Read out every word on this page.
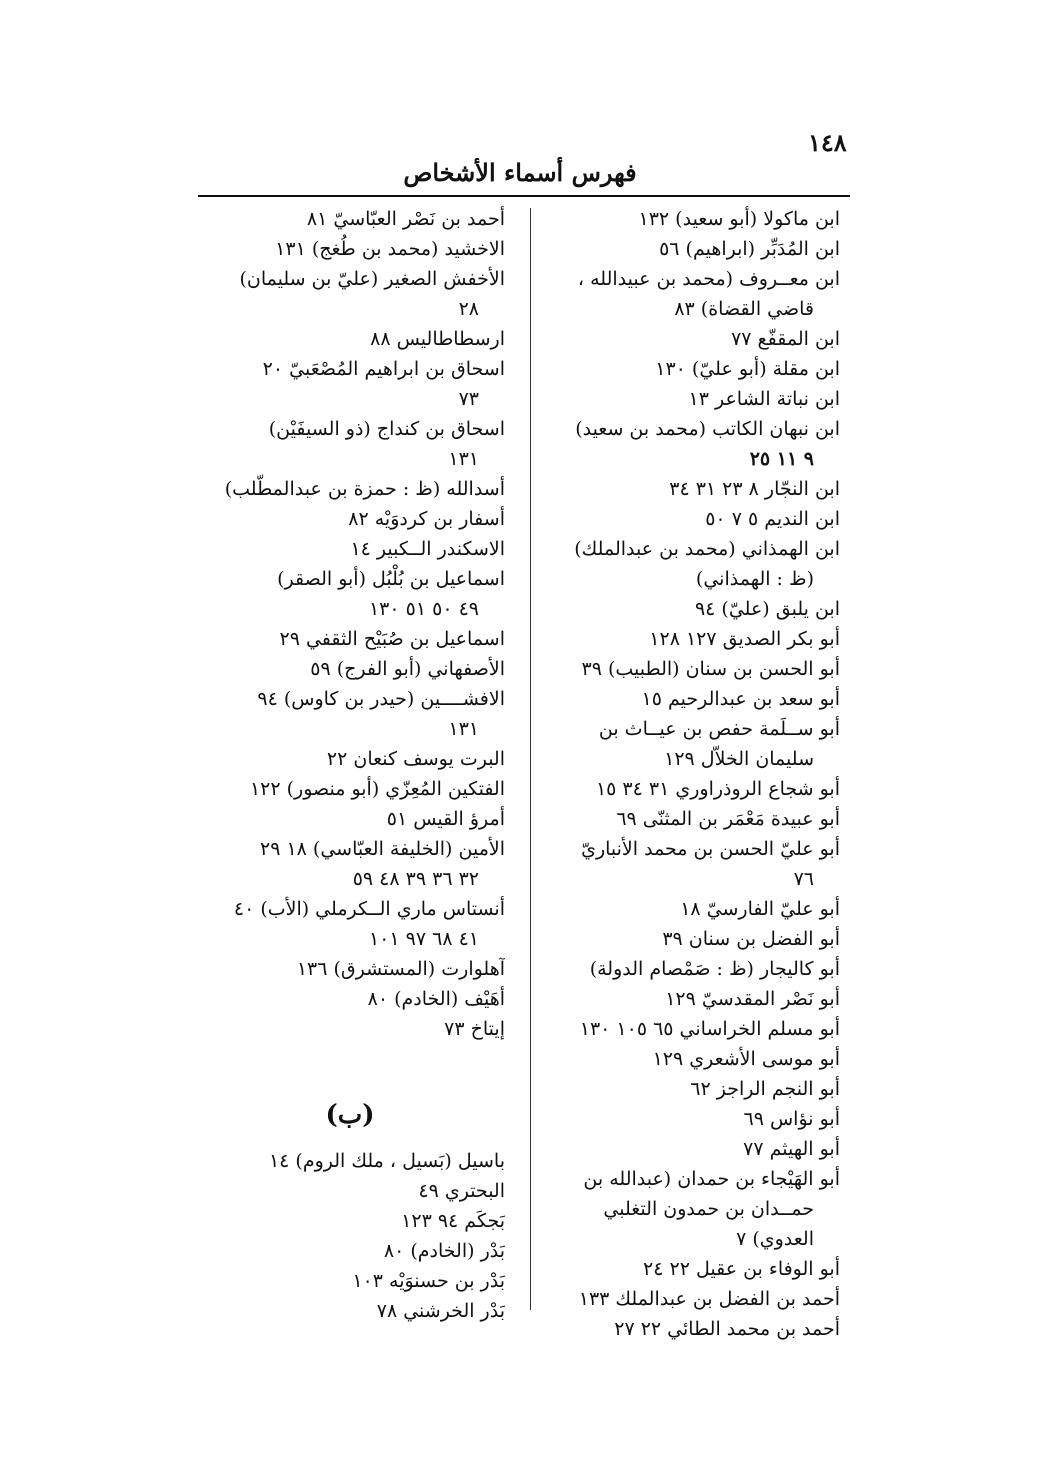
١٤٨
فهرس أسماء الأشخاص
ابن ماكولا (أبو سعيد) ١٣٢
ابن المُدَبِّر (ابراهيم) ٥٦
ابن معــروف (محمد بن عبيدالله ،
قاضي القضاة) ٨٣
ابن المقفّع ٧٧
ابن مقلة (أبو عليّ) ١٣٠
ابن نباتة الشاعر ١٣
ابن نبهان الكاتب (محمد بن سعيد)
٩ ١١ ٢٥
ابن النجّار ٨ ٢٣ ٣١ ٣٤
ابن النديم ٥ ٧ ٥٠
ابن الهمذاني (محمد بن عبدالملك)
(ظ : الهمذاني)
ابن يلبق (عليّ) ٩٤
أبو بكر الصديق ١٢٧ ١٢٨
أبو الحسن بن سنان (الطبيب) ٣٩
أبو سعد بن عبدالرحيم ١٥
أبو ســلَمة حفص بن عيــاث بن
سليمان الخلاّل ١٢٩
أبو شجاع الروذراوري ٣١ ٣٤ ١٥
أبو عبيدة مَعْمَر بن المثنّى ٦٩
أبو عليّ الحسن بن محمد الأنباريّ
٧٦
أبو عليّ الفارسيّ ١٨
أبو الفضل بن سنان ٣٩
أبو كاليجار (ظ : صَمْصام الدولة)
أبو نَصْر المقدسيّ ١٢٩
أبو مسلم الخراساني ٦٥ ١٠٥ ١٣٠
أبو موسى الأشعري ١٢٩
أبو النجم الراجز ٦٢
أبو نؤاس ٦٩
أبو الهيثم ٧٧
أبو الهَيْجاء بن حمدان (عبدالله بن
حمــدان بن حمدون التغلبي
العدوي) ٧
أبو الوفاء بن عقيل ٢٢ ٢٤
أحمد بن الفضل بن عبدالملك ١٣٣
أحمد بن محمد الطائي ٢٢ ٢٧
أحمد بن نَصْر العبّاسيّ ٨١
الاخشيد (محمد بن طُغج) ١٣١
الأخفش الصغير (عليّ بن سليمان)
٢٨
ارسطاطاليس ٨٨
اسحاق بن ابراهيم المُصْعَبيّ ٢٠
٧٣
اسحاق بن كنداج (ذو السيفَيْن)
١٣١
أسدالله (ظ : حمزة بن عبدالمطّلب)
أسفار بن كردوَيْه ٨٢
الاسكندر الــكبير ١٤
اسماعيل بن بُلْبُل (أبو الصقر)
٤٩ ٥٠ ٥١ ١٣٠
اسماعيل بن صُبَيْح الثقفي ٢٩
الأصفهاني (أبو الفرج) ٥٩
الافشــــين (حيدر بن كاوس) ٩٤
١٣١
البرت يوسف كنعان ٢٢
الفتكين المُعِزّي (أبو منصور) ١٢٢
أمرؤ القيس ٥١
الأمين (الخليفة العبّاسي) ١٨ ٢٩
٣٢ ٣٦ ٣٩ ٤٨ ٥٩
أنستاس ماري الــكرملي (الأب) ٤٠
٤١ ٦٨ ٩٧ ١٠١
آهلوارت (المستشرق) ١٣٦
أهَيْف (الخادم) ٨٠
إيتاخ ٧٣
(ب)
باسيل (بَسيل ، ملك الروم) ١٤
البحتري ٤٩
بَجكَم ٩٤ ١٢٣
بَدْر (الخادم) ٨٠
بَدْر بن حسنوَيْه ١٠٣
بَدْر الخرشني ٧٨
